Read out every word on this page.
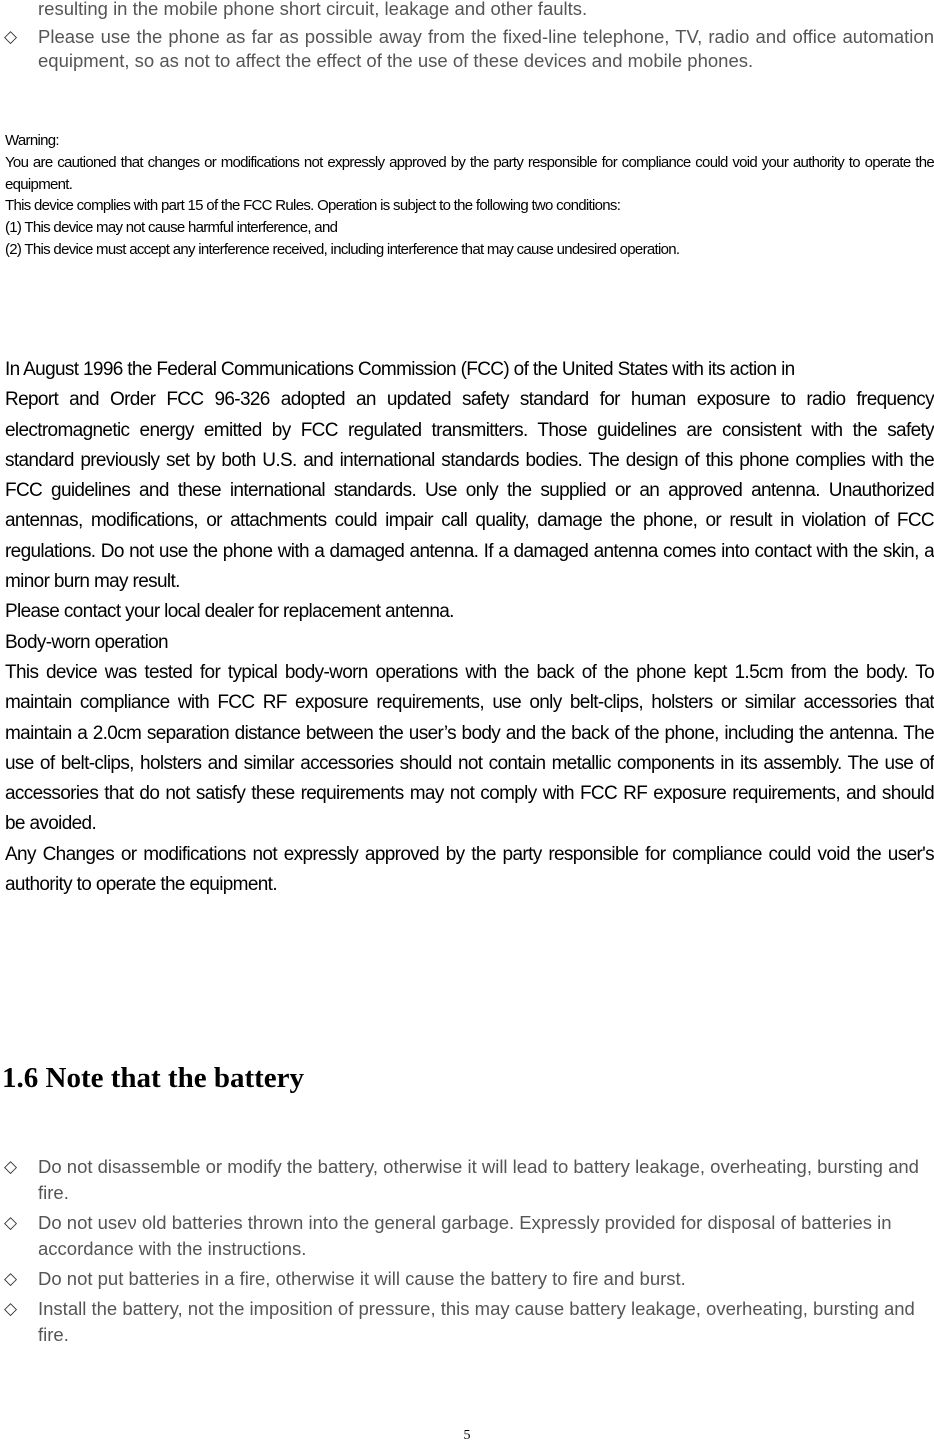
resulting in the mobile phone short circuit, leakage and other faults.
◇ Please use the phone as far as possible away from the fixed-line telephone, TV, radio and office automation equipment, so as not to affect the effect of the use of these devices and mobile phones.

Warning:

You are cautioned that changes or modifications not expressly approved by the party responsible for compliance could void your authority to operate the equipment.

This device complies with part 15 of the FCC Rules. Operation is subject to the following two conditions:

(1) This device may not cause harmful interference, and

(2) This device must accept any interference received, including interference that may cause undesired operation.

In August 1996 the Federal Communications Commission (FCC) of the United States with its action in

Report and Order FCC 96-326 adopted an updated safety standard for human exposure to radio frequency electromagnetic energy emitted by FCC regulated transmitters. Those guidelines are consistent with the safety standard previously set by both U.S. and international standards bodies. The design of this phone complies with the FCC guidelines and these international standards. Use only the supplied or an approved antenna. Unauthorized antennas, modifications, or attachments could impair call quality, damage the phone, or result in violation of FCC regulations. Do not use the phone with a damaged antenna. If a damaged antenna comes into contact with the skin, a minor burn may result.

Please contact your local dealer for replacement antenna.

Body-worn operation

This device was tested for typical body-worn operations with the back of the phone kept 1.5cm from the body. To maintain compliance with FCC RF exposure requirements, use only belt-clips, holsters or similar accessories that maintain a 2.0cm separation distance between the user’s body and the back of the phone, including the antenna. The use of belt-clips, holsters and similar accessories should not contain metallic components in its assembly. The use of accessories that do not satisfy these requirements may not comply with FCC RF exposure requirements, and should be avoided.

Any Changes or modifications not expressly approved by the party responsible for compliance could void the user's authority to operate the equipment.

1.6 Note that the battery
◇ Do not disassemble or modify the battery, otherwise it will lead to battery leakage, overheating, bursting and fire.
◇ Do not useν old batteries thrown into the general garbage. Expressly provided for disposal of batteries in accordance with the instructions.
◇ Do not put batteries in a fire, otherwise it will cause the battery to fire and burst.
◇ Install the battery, not the imposition of pressure, this may cause battery leakage, overheating, bursting and fire.
5
